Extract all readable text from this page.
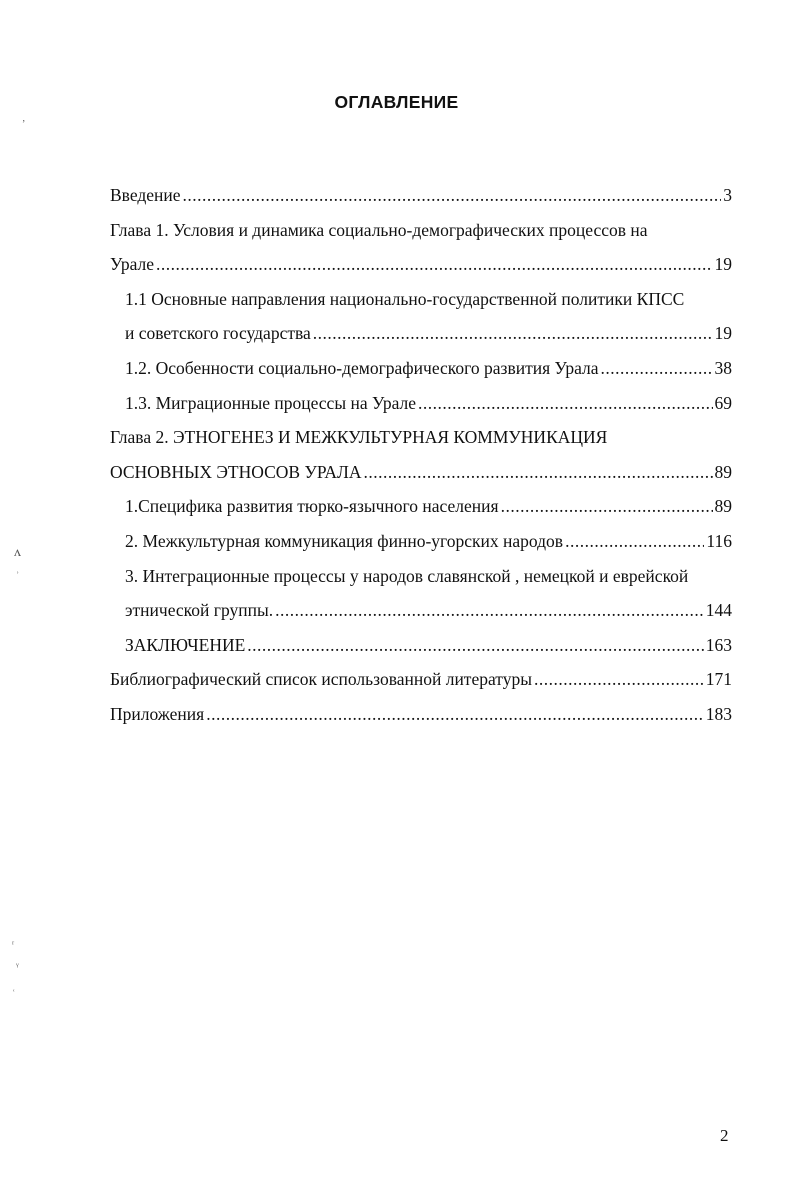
ОГЛАВЛЕНИЕ
Введение .....	3
Глава 1. Условия и динамика социально-демографических процессов на
Урале .....	19
1.1 Основные направления национально-государственной политики КПСС
и советского государства .....	19
1.2. Особенности социально-демографического развития Урала .....	38
1.3. Миграционные процессы на Урале .....	69
Глава 2. ЭТНОГЕНЕЗ И МЕЖКУЛЬТУРНАЯ КОММУНИКАЦИЯ
ОСНОВНЫХ ЭТНОСОВ УРАЛА .....	89
1.Специфика развития тюрко-язычного населения .....	89
2. Межкультурная коммуникация финно-угорских народов .....	116
3. Интеграционные процессы у народов славянской , немецкой и еврейской
этнической группы. .....	144
ЗАКЛЮЧЕНИЕ .....	163
Библиографический список использованной литературы .....	171
Приложения .....	183
2
ʼ
ᴧ
ʾ
ʳ
ᵞ
ʿ
